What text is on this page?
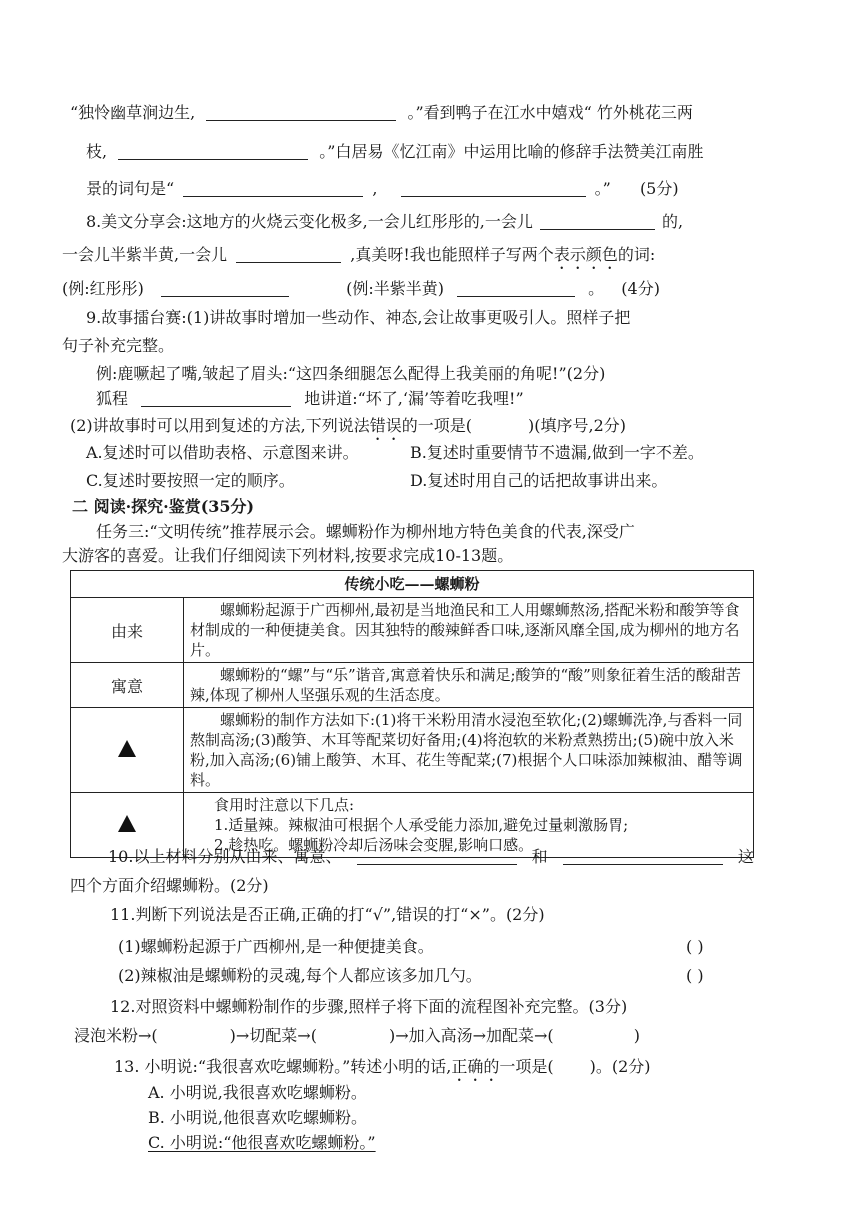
“独怜幽草涧边生,	。”看到鸭子在江水中嬉戏“ 竹外桃花三两
枝,	。”白居易《忆江南》中运用比喻的修辞手法赞美江南胜
景的词句是“	,	。” (5分)
8.美文分享会:这地方的火烧云变化极多,一会儿红彤彤的,一会儿	的,
一会儿半紫半黄,一会儿	,真美呀!我也能照样子写两个表示颜色的词:
(例:红彤彤)	(例:半紫半黄)	。 (4分)
9.故事擂台赛:(1)讲故事时增加一些动作、神态,会让故事更吸引人。照样子把
句子补充完整。
例:鹿噘起了嘴,皱起了眉头:“这四条细腿怎么配得上我美丽的角呢!”(2分)
狐程	地讲道:“坏了,‘漏’等着吃我哩!”
(2)讲故事时可以用到复述的方法,下列说法错误的一项是(	)(填序号,2分)
A.复述时可以借助表格、示意图来讲。	B.复述时重要情节不遗漏,做到一字不差。
C.复述时要按照一定的顺序。	D.复述时用自己的话把故事讲出来。
二 阅读·探究·鉴赏(35分)
任务三:“文明传统”推荐展示会。螺蛳粉作为柳州地方特色美食的代表,深受广
大游客的喜爱。让我们仔细阅读下列材料,按要求完成10-13题。
传统小吃——螺蛳粉	
由来	螺蛳粉起源于广西柳州,最初是当地渔民和工人用螺蛳熬汤,搭配米粉和酸笋等食材制成的一种便捷美食。因其独特的酸辣鲜香口味,逐渐风靡全国,成为柳州的地方名片。
寓意	螺蛳粉的“螺”与“乐”谐音,寓意着快乐和满足;酸笋的“酸”则象征着生活的酸甜苦辣,体现了柳州人坚强乐观的生活态度。
	螺蛳粉的制作方法如下:(1)将干米粉用清水浸泡至软化;(2)螺蛳洗净,与香料一同熬制高汤;(3)酸笋、木耳等配菜切好备用;(4)将泡软的米粉煮熟捞出;(5)碗中放入米粉,加入高汤;(6)铺上酸笋、木耳、花生等配菜;(7)根据个人口味添加辣椒油、醋等调料。

	食用时注意以下几点:
1.适量辣。辣椒油可根据个人承受能力添加,避免过量刺激肠胃;
2.趁热吃。螺蛳粉冷却后汤味会变腥,影响口感。
10.以上材料分别从由来、寓意、	和	这
四个方面介绍螺蛳粉。(2分)
11.判断下列说法是否正确,正确的打“√”,错误的打“×”。(2分)
(1)螺蛳粉起源于广西柳州,是一种便捷美食。	( )
(2)辣椒油是螺蛳粉的灵魂,每个人都应该多加几勺。	( )
12.对照资料中螺蛳粉制作的步骤,照样子将下面的流程图补充完整。(3分)
浸泡米粉→(	)→切配菜→(	)→加入高汤→加配菜→(	)
13. 小明说:“我很喜欢吃螺蛳粉。”转述小明的话,正确的一项是( )。(2分)
A. 小明说,我很喜欢吃螺蛳粉。
B. 小明说,他很喜欢吃螺蛳粉。
C. 小明说:“他很喜欢吃螺蛳粉。”
